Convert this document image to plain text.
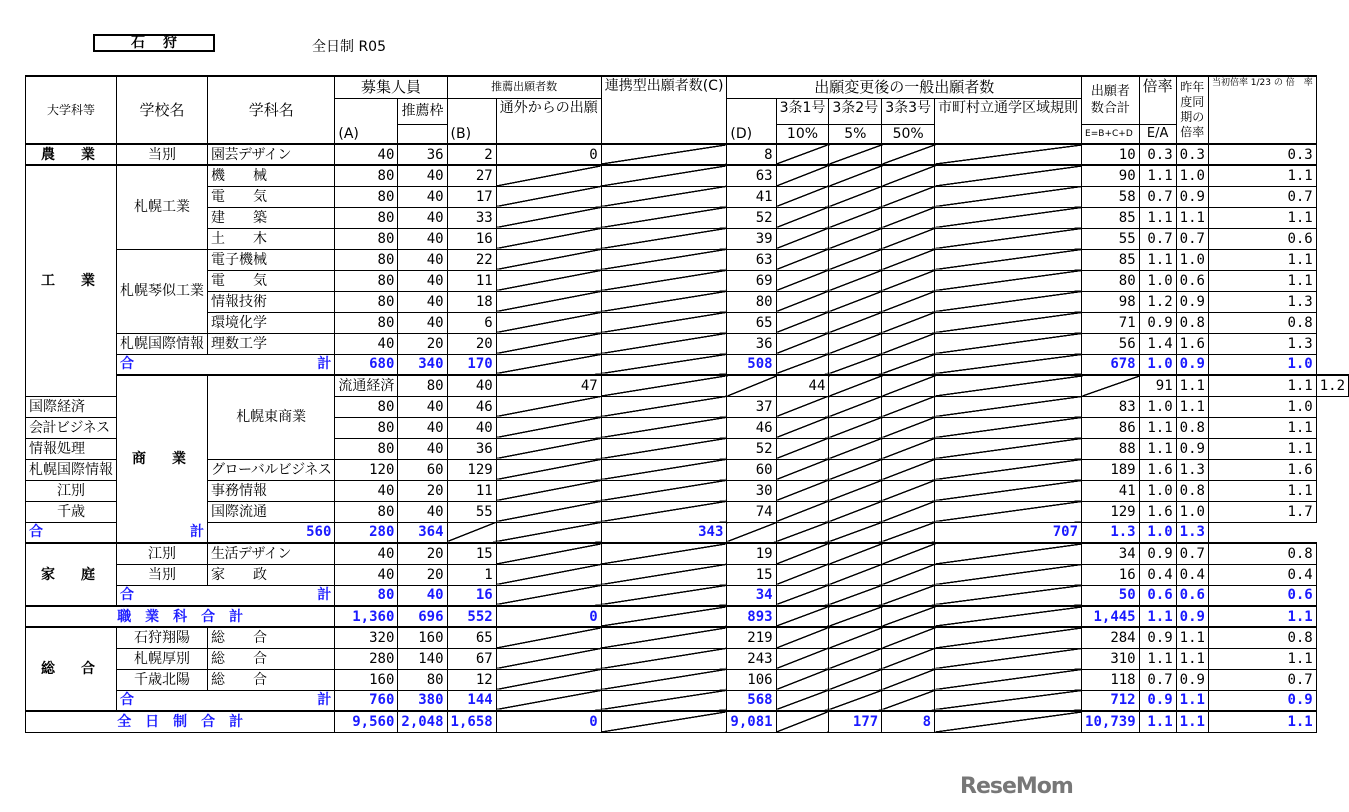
石狩	全日制 R05
大学科等	学校名	学科名	募集人員		推薦出願者数		連携型出願者数(C)	出願変更後の一般出願者数					出願者数合計	倍率	昨年度同期の倍率	当初倍率 1/23 の 倍　率	
			(A)	推薦枠	(B)	通外からの出願		(D)	3条1号	3条2号	3条3号	市町村立通学区域規則					
									10%	5%	50%		E=B+C+D	E/A			
農　業	当別	園芸デザイン	40	36	2	0		8					10	0.3	0.3	0.3	
工　業	札幌工業	機　　械	80	40	27			63					90	1.1	1.0	1.1	
		電　　気	80	40	17			41					58	0.7	0.9	0.7	
		建　　築	80	40	33			52					85	1.1	1.1	1.1	
		土　　木	80	40	16			39					55	0.7	0.7	0.6	
	札幌琴似工業	電子機械	80	40	22			63					85	1.1	1.0	1.1	
		電　　気	80	40	11			69					80	1.0	0.6	1.1	
		情報技術	80	40	18			80					98	1.2	0.9	1.3	
		環境化学	80	40	6			65					71	0.9	0.8	0.8	
	札幌国際情報	理数工学	40	20	20			36					56	1.4	1.6	1.3	

	合 計		680	340	170			508					678	1.0	0.9	1.0	
	商　業	札幌東商業	流通経済	80	40	47			44					91	1.1	1.1	1.2
国際経済			80	40	46			37					83	1.0	1.1	1.0	
会計ビジネス			80	40	40			46					86	1.1	0.8	1.1	
情報処理			80	40	36			52					88	1.1	0.9	1.1	
札幌国際情報		グローバルビジネス	120	60	129			60					189	1.6	1.3	1.6	
江別		事務情報	40	20	11			30					41	1.0	0.8	1.1	
千歳		国際流通	80	40	55			74					129	1.6	1.0	1.7	

合 計		560	280	364			343					707	1.3	1.0	1.3		
家　庭	江別	生活デザイン	40	20	15			19					34	0.9	0.7	0.8	
	当別	家　　政	40	20	1			15					16	0.4	0.4	0.4	

	合 計		80	40	16			34					50	0.6	0.6	0.6	
職　業　科　合　計			1,360	696	552	0		893					1,445	1.1	0.9	1.1	
総　合	石狩翔陽	総　　合	320	160	65			219					284	0.9	1.1	0.8	
	札幌厚別	総　　合	280	140	67			243					310	1.1	1.1	1.1	
	千歳北陽	総　　合	160	80	12			106					118	0.7	0.9	0.7	

	合 計		760	380	144			568					712	0.9	1.1	0.9	
全　日　制　合　計			9,560	2,048	1,658	0		9,081		177	8		10,739	1.1	1.1	1.1	
ReseMom
